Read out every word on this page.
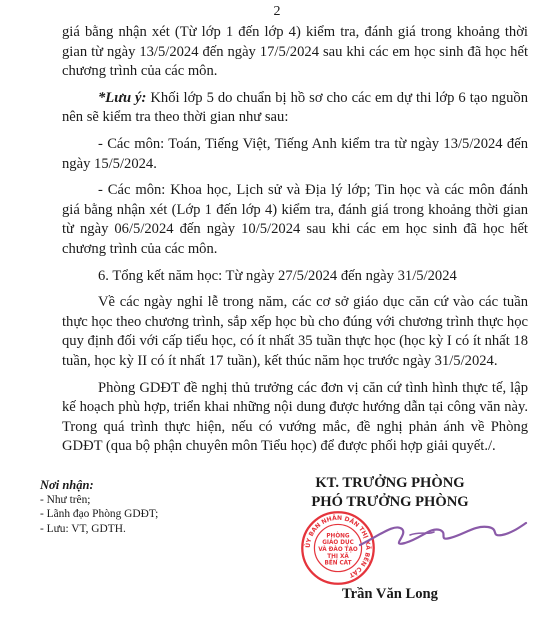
2

giá bằng nhận xét (Từ lớp 1 đến lớp 4) kiểm tra, đánh giá trong khoảng thời gian từ ngày 13/5/2024 đến ngày 17/5/2024 sau khi các em học sinh đã học hết chương trình của các môn.

*Lưu ý: Khối lớp 5 do chuẩn bị hồ sơ cho các em dự thi lớp 6 tạo nguồn nên sẽ kiểm tra theo thời gian như sau:

- Các môn: Toán, Tiếng Việt, Tiếng Anh kiểm tra từ ngày 13/5/2024 đến ngày 15/5/2024.

- Các môn: Khoa học, Lịch sử và Địa lý lớp; Tin học và các môn đánh giá bằng nhận xét (Lớp 1 đến lớp 4) kiểm tra, đánh giá trong khoảng thời gian từ ngày 06/5/2024 đến ngày 10/5/2024 sau khi các em học sinh đã học hết chương trình của các môn.

6. Tổng kết năm học: Từ ngày 27/5/2024 đến ngày 31/5/2024

Về các ngày nghỉ lễ trong năm, các cơ sở giáo dục căn cứ vào các tuần thực học theo chương trình, sắp xếp học bù cho đúng với chương trình thực học quy định đối với cấp tiểu học, có ít nhất 35 tuần thực học (học kỳ I có ít nhất 18 tuần, học kỳ II có ít nhất 17 tuần), kết thúc năm học trước ngày 31/5/2024.

Phòng GDĐT đề nghị thủ trưởng các đơn vị căn cứ tình hình thực tế, lập kế hoạch phù hợp, triển khai những nội dung được hướng dẫn tại công văn này. Trong quá trình thực hiện, nếu có vướng mắc, đề nghị phản ánh về Phòng GDĐT (qua bộ phận chuyên môn Tiểu học) để được phối hợp giải quyết./.

Nơi nhận:
- Như trên;
- Lãnh đạo Phòng GDĐT;
- Lưu: VT, GDTH.
KT. TRƯỞNG PHÒNG
PHÓ TRƯỞNG PHÒNG
ỦY BAN NHÂN DÂN THỊ XÃ BẾN CÁT
PHÒNG
GIÁO DỤC
VÀ ĐÀO TẠO
THỊ XÃ
BẾN CÁT
Trần Văn Long
